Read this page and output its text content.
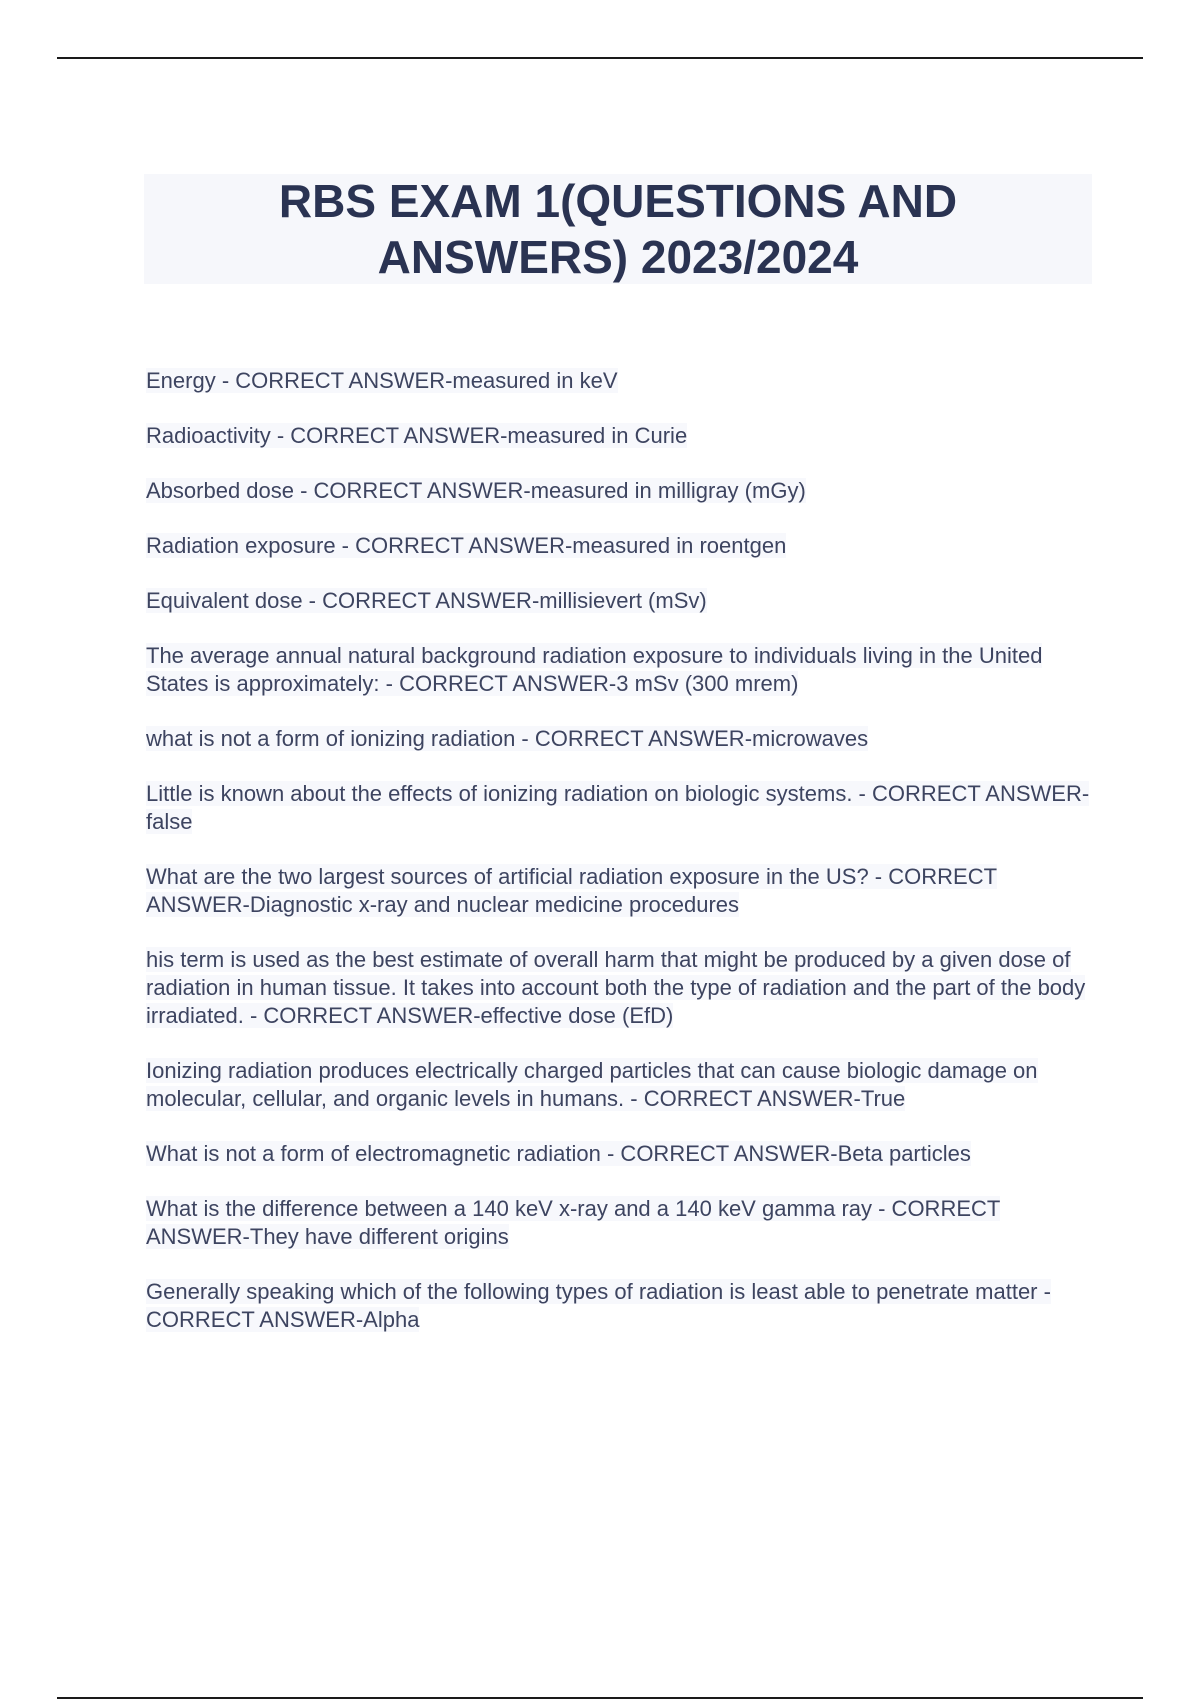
RBS EXAM 1(QUESTIONS AND
ANSWERS) 2023/2024
Energy - CORRECT ANSWER-measured in keV
Radioactivity - CORRECT ANSWER-measured in Curie
Absorbed dose - CORRECT ANSWER-measured in milligray (mGy)
Radiation exposure - CORRECT ANSWER-measured in roentgen
Equivalent dose - CORRECT ANSWER-millisievert (mSv)
The average annual natural background radiation exposure to individuals living in the United States is approximately: - CORRECT ANSWER-3 mSv (300 mrem)
what is not a form of ionizing radiation - CORRECT ANSWER-microwaves
Little is known about the effects of ionizing radiation on biologic systems. - CORRECT ANSWER-false
What are the two largest sources of artificial radiation exposure in the US? - CORRECT ANSWER-Diagnostic x-ray and nuclear medicine procedures
his term is used as the best estimate of overall harm that might be produced by a given dose of radiation in human tissue. It takes into account both the type of radiation and the part of the body irradiated. - CORRECT ANSWER-effective dose (EfD)
Ionizing radiation produces electrically charged particles that can cause biologic damage on molecular, cellular, and organic levels in humans. - CORRECT ANSWER-True
What is not a form of electromagnetic radiation - CORRECT ANSWER-Beta particles
What is the difference between a 140 keV x-ray and a 140 keV gamma ray - CORRECT ANSWER-They have different origins
Generally speaking which of the following types of radiation is least able to penetrate matter - CORRECT ANSWER-Alpha
